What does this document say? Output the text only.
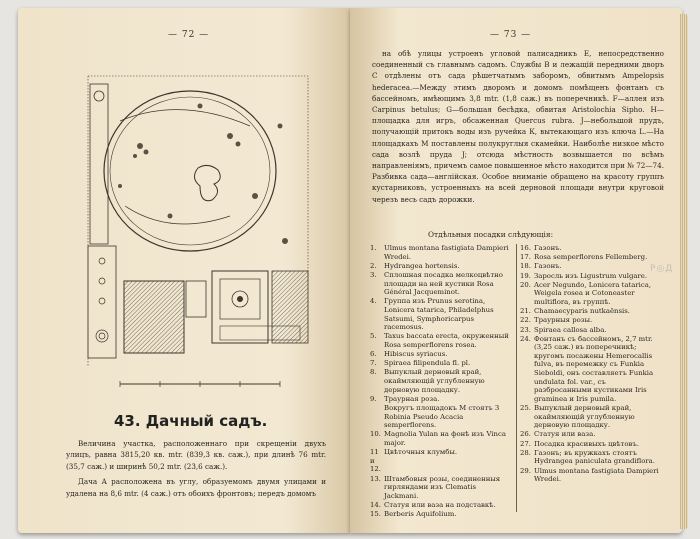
— 72 —
43. Дачный садъ.

Величина участка, расположеннаго при скрещеніи двухъ улицъ, равна 3815,20 кв. mtr. (839,3 кв. саж.), при длинѣ 76 mtr. (35,7 саж.) и ширинѣ 50,2 mtr. (23,6 саж.).

Дача А расположена въ углу, образуемомъ двумя улицами и удалена на 8,6 mtr. (4 саж.) отъ обоихъ фронтовъ; передъ домомъ

— 73 —

на обѣ улицы устроенъ угловой палисадникъ Е, непосредственно соединенный съ главнымъ садомъ. Службы В и лежащій передними дворъ С отдѣлены отъ сада рѣшетчатымъ заборомъ, обвитымъ Ampelopsis hederacea.—Между этимъ дворомъ и домомъ помѣщенъ фонтанъ съ бассейномъ, имѣющимъ 3,8 mtr. (1,8 саж.) въ поперечникѣ. F—аллея изъ Carpinus betulus; G—большая бесѣдка, обвитая Aristolochia Sipho. H—площадка для игръ, обсаженная Quercus rubra. J—небольшой прудъ, получающій притокъ воды изъ ручейка К, вытекающаго изъ ключа L.—На площадкахъ М поставлены полукруглыя скамейки. Наиболѣе низкое мѣсто сада возлѣ пруда J; отсюда мѣстность возвышается по всѣмъ направленіямъ, причемъ самое повышенное мѣсто находится при № 72—74. Разбивка сада—англійская. Особое вниманіе обращено на красоту группъ кустарниковъ, устроенныхъ на всей дерновой площади внутри круговой черезъ весь садъ дорожки.

Отдѣльныя посадки слѣдующія:
1.	Ulmus montana fastigiata Dampieri Wredei.
2.	Hydrangea hortensis.
3.	Сплошная посадка мелкоцвѣтно площади на ней кустики Rosa Général Jacqueminot.
4.	Группа изъ Prunus serotina, Lonicera tatarica, Philadelphus Satsumi, Symphoricarpus racemosus.
5.	Taxus baccata erecta, окруженный Rosa semperflorens rosea.
6.	Hibiscus syriacus.
7.	Spiraea filipendula fl. pl.
8.	Выпуклый дерновый край, окаймляющій углубленную дерновую площадку.
9.	Траурная роза.
Вокругъ площадокъ М стоятъ 3 Robinia Pseudo Acacia semperflorens.
10. Magnolia Yulan на фонѣ изъ Vinca major.
11 и 12.
Цвѣточныя клумбы.
13. Штамбовыя розы, соединенныя гирляндами изъ Clematis Jackmani.
14. Статуя или ваза на подставкѣ.
15. Berberis Aquifolium.
16. Газонъ.
17. Rosa semperflorens Fellemberg.
18. Газонъ.
19. Заросль изъ Ligustrum vulgare.
20. Acer Negundo, Lonicera tatarica, Weigela rosea и Cotoneaster multiflora, въ группѣ.
21. Chamaecyparis nutkaënsis.
22. Траурныя розы.
23. Spiraea callosa alba.
24. Фонтанъ съ бассейномъ, 2,7 mtr. (3,25 саж.) въ поперечникѣ; кругомъ посажены Hemerocallis fulva, въ перемежку съ Funkia Sieboldi, онъ составляетъ Funkia undulata fol. var., съ разбросанными кустиками Iris graminea и Iris pumila.
25. Выпуклый дерновый край, окаймляющій углубленную дерновую площадку.
26. Статуя или ваза.
27. Посадка красивыхъ цвѣтовъ.
28. Газонъ; въ кружкахъ стоятъ Hydrangea paniculata grandiflora.
29. Ulmus montana fastigiata Dampieri Wredei.
Р◎Д
